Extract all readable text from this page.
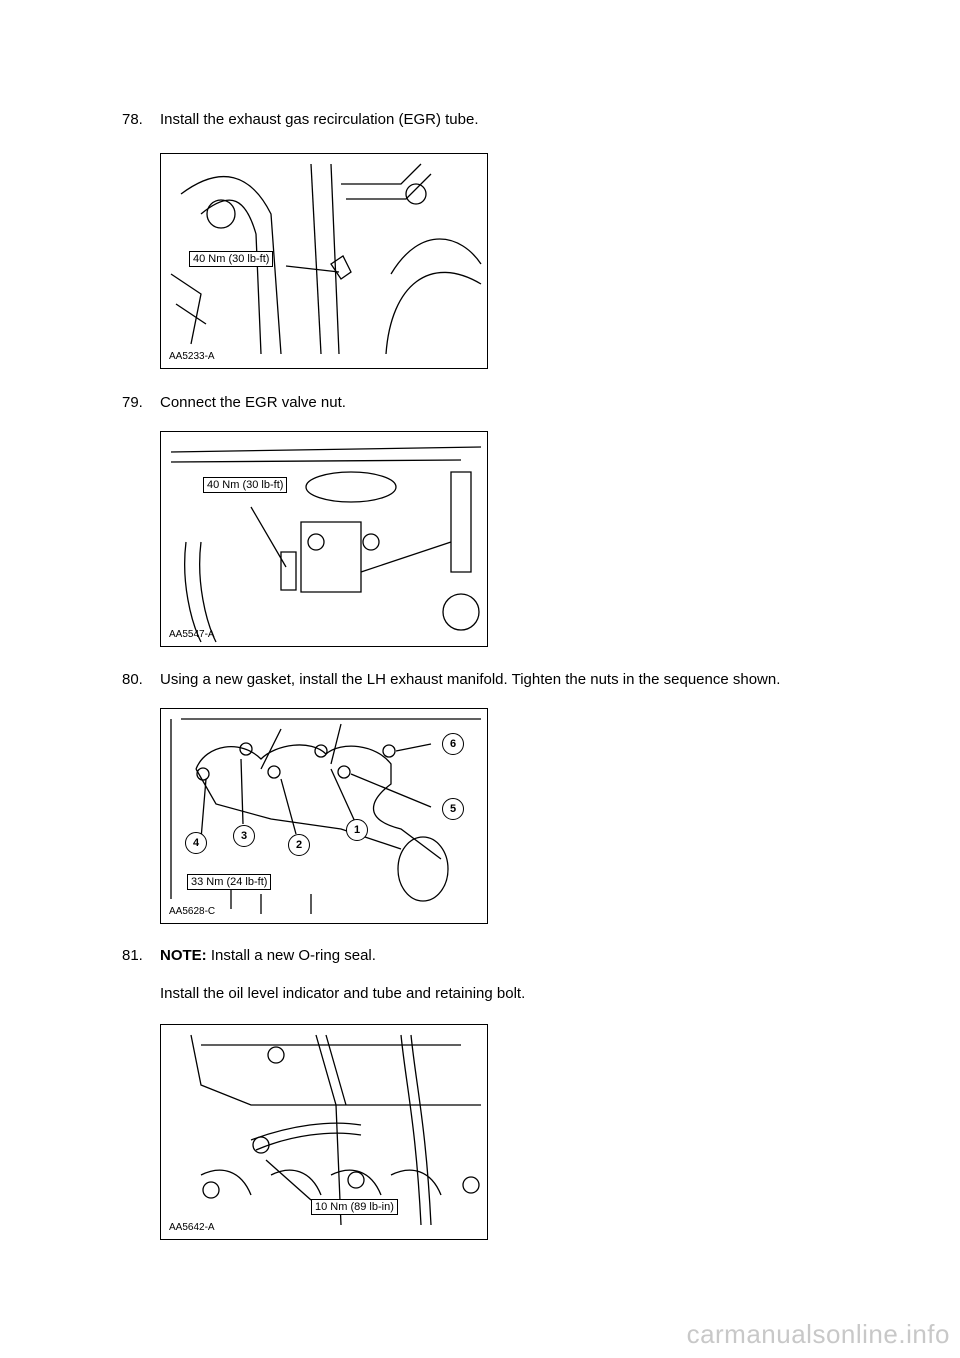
78. Install the exhaust gas recirculation (EGR) tube.
40 Nm (30 lb-ft)
AA5233-A
79. Connect the EGR valve nut.
40 Nm (30 lb-ft)
AA5547-A
80. Using a new gasket, install the LH exhaust manifold. Tighten the nuts in the sequence shown.
1
2
3
4
5
6
33 Nm (24 lb-ft)
AA5628-C
81. NOTE: Install a new O-ring seal.
Install the oil level indicator and tube and retaining bolt.
10 Nm (89 lb-in)
AA5642-A
carmanualsonline.info
